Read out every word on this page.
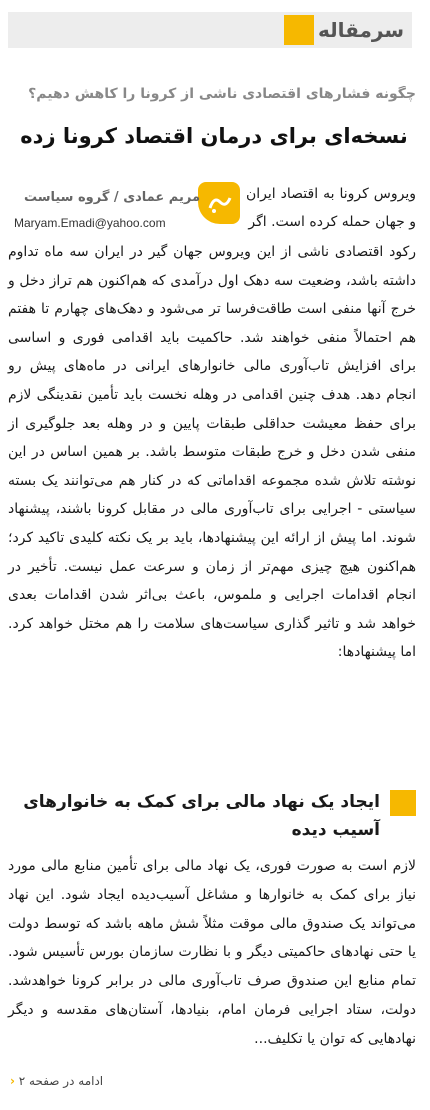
سرمقاله
چگونه فشارهای اقتصادی ناشی از کرونا را کاهش دهیم؟
نسخه‌ای برای درمان اقتصاد کرونا زده
مریم عمادی / گروه سیاست
Maryam.Emadi@yahoo.com
ویروس کرونا به اقتصاد ایران و جهان حمله کرده است. اگر
رکود اقتصادی ناشی از این ویروس جهان گیر در ایران سه ماه تداوم داشته باشد، وضعیت سه دهک اول درآمدی که هم‌اکنون هم تراز دخل و خرج آنها منفی است طاقت‌فرسا تر می‌شود و دهک‌های چهارم تا هفتم هم احتمالاً منفی خواهند شد. حاکمیت باید اقدامی فوری و اساسی برای افزایش تاب‌آوری مالی خانوارهای ایرانی در ماه‌های پیش رو انجام دهد. هدف چنین اقدامی در وهله نخست باید تأمین نقدینگی لازم برای حفظ معیشت حداقلی طبقات پایین و در وهله بعد جلوگیری از منفی شدن دخل و خرج طبقات متوسط باشد. بر همین اساس در این نوشته تلاش شده مجموعه اقداماتی که در کنار هم می‌توانند یک بسته سیاستی - اجرایی برای تاب‌آوری مالی در مقابل کرونا باشند، پیشنهاد شوند. اما پیش از ارائه این پیشنهادها، باید بر یک نکته کلیدی تاکید کرد؛ هم‌اکنون هیچ چیزی مهم‌تر از زمان و سرعت عمل نیست. تأخیر در انجام اقدامات اجرایی و ملموس، باعث بی‌اثر شدن اقدامات بعدی خواهد شد و تاثیر گذاری سیاست‌های سلامت را هم مختل خواهد کرد. اما پیشنهادها:
ایجاد یک نهاد مالی برای کمک به خانوارهای آسیب دیده
لازم است به صورت فوری، یک نهاد مالی برای تأمین منابع مالی مورد نیاز برای کمک به خانوارها و مشاغل آسیب‌دیده ایجاد شود. این نهاد می‌تواند یک صندوق مالی موقت مثلاً شش ماهه باشد که توسط دولت یا حتی نهادهای حاکمیتی دیگر و با نظارت سازمان بورس تأسیس شود. تمام منابع این صندوق صرف تاب‌آوری مالی در برابر کرونا خواهدشد. دولت، ستاد اجرایی فرمان امام، بنیادها، آستان‌های مقدسه و دیگر نهادهایی که توان یا تکلیف...
ادامه در صفحه ۲ ‹
